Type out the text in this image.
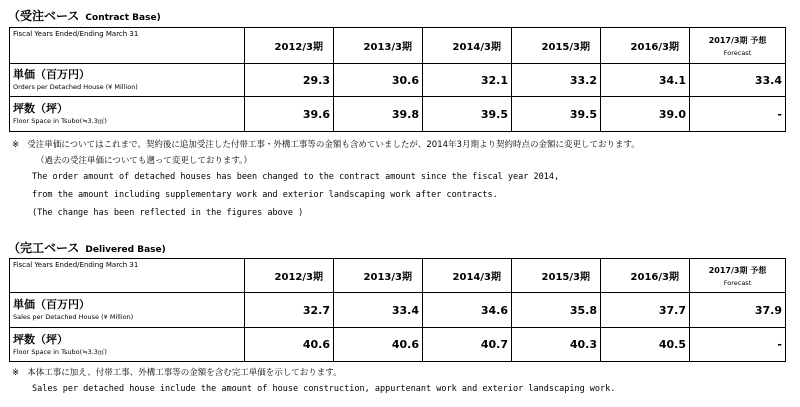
（受注ベース Contract Base)
Fiscal Years Ended/Ending March 31	2012/3期	2013/3期	2014/3期	2015/3期	2016/3期	2017/3期 予想
Forecast

単価（百万円）
Orders per Detached House (¥ Million)	29.3	30.6	32.1	33.2	34.1	33.4

坪数（坪）
Floor Space in Tsubo(≒3.3㎡)	39.6	39.8	39.5	39.5	39.0	-
※ 受注単価についてはこれまで、契約後に追加受注した付帯工事・外構工事等の金額も含めていましたが、2014年3月期より契約時点の金額に変更しております。
（過去の受注単価についても遡って変更しております。）
The order amount of detached houses has been changed to the contract amount since the fiscal year 2014,
from the amount including supplementary work and exterior landscaping work after contracts.
(The change has been reflected in the figures above )
（完工ベース Delivered Base)
Fiscal Years Ended/Ending March 31	2012/3期	2013/3期	2014/3期	2015/3期	2016/3期	2017/3期 予想
Forecast

単価（百万円）
Sales per Detached House (¥ Million)	32.7	33.4	34.6	35.8	37.7	37.9

坪数（坪）
Floor Space in Tsubo(≒3.3㎡)	40.6	40.6	40.7	40.3	40.5	-
※ 本体工事に加え、付帯工事、外構工事等の金額を含む完工単価を示しております。
Sales per detached house include the amount of house construction, appurtenant work and exterior landscaping work.
